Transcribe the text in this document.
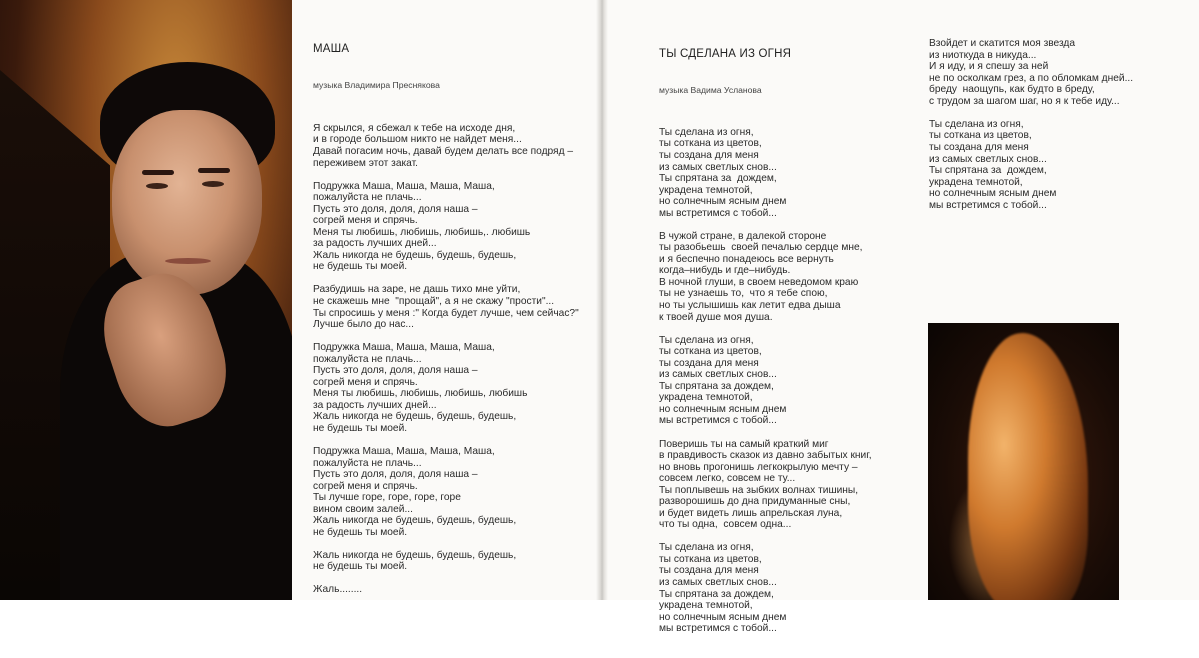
МАША

музыка Владимира Преснякова

Я скрылся, я сбежал к тебе на исходе дня,
и в городе большом никто не найдет меня...
Давай погасим ночь, давай будем делать все подряд –
переживем этот закат.
Подружка Маша, Маша, Маша, Маша,
пожалуйста не плачь...
Пусть это доля, доля, доля наша –
согрей меня и спрячь.
Меня ты любишь, любишь, любишь,. любишь
за радость лучших дней...
Жаль никогда не будешь, будешь, будешь,
не будешь ты моей.
Разбудишь на заре, не дашь тихо мне уйти,
не скажешь мне  "прощай", а я не скажу "прости"...
Ты спросишь у меня :" Когда будет лучше, чем сейчас?"
Лучше было до нас...
Подружка Маша, Маша, Маша, Маша,
пожалуйста не плачь...
Пусть это доля, доля, доля наша –
согрей меня и спрячь.
Меня ты любишь, любишь, любишь, любишь
за радость лучших дней...
Жаль никогда не будешь, будешь, будешь,
не будешь ты моей.
Подружка Маша, Маша, Маша, Маша,
пожалуйста не плачь...
Пусть это доля, доля, доля наша –
согрей меня и спрячь.
Ты лучше горе, горе, горе, горе
вином своим залей...
Жаль никогда не будешь, будешь, будешь,
не будешь ты моей.
Жаль никогда не будешь, будешь, будешь,
не будешь ты моей.
Жаль........

ТЫ СДЕЛАНА ИЗ ОГНЯ

музыка Вадима Усланова

Ты сделана из огня,
ты соткана из цветов,
ты создана для меня
из самых светлых снов...
Ты спрятана за  дождем,
украдена темнотой,
но солнечным ясным днем
мы встретимся с тобой...
В чужой стране, в далекой стороне
ты разобьешь  своей печалью сердце мне,
и я беспечно понадеюсь все вернуть
когда–нибудь и где–нибудь.
В ночной глуши, в своем неведомом краю
ты не узнаешь то,  что я тебе спою,
но ты услышишь как летит едва дыша
к твоей душе моя душа.
Ты сделана из огня,
ты соткана из цветов,
ты создана для меня
из самых светлых снов...
Ты спрятана за дождем,
украдена темнотой,
но солнечным ясным днем
мы встретимся с тобой...
Поверишь ты на самый краткий миг
в правдивость сказок из давно забытых книг,
но вновь прогонишь легкокрылую мечту –
совсем легко, совсем не ту...
Ты поплывешь на зыбких волнах тишины,
разворошишь до дна придуманные сны,
и будет видеть лишь апрельская луна,
что ты одна,  совсем одна...
Ты сделана из огня,
ты соткана из цветов,
ты создана для меня
из самых светлых снов...
Ты спрятана за дождем,
украдена темнотой,
но солнечным ясным днем
мы встретимся с тобой...

Взойдет и скатится моя звезда
из ниоткуда в никуда...
И я иду, и я спешу за ней
не по осколкам грез, а по обломкам дней...
бреду  наощупь, как будто в бреду,
с трудом за шагом шаг, но я к тебе иду...
Ты сделана из огня,
ты соткана из цветов,
ты создана для меня
из самых светлых снов...
Ты спрятана за  дождем,
украдена темнотой,
но солнечным ясным днем
мы встретимся с тобой...
